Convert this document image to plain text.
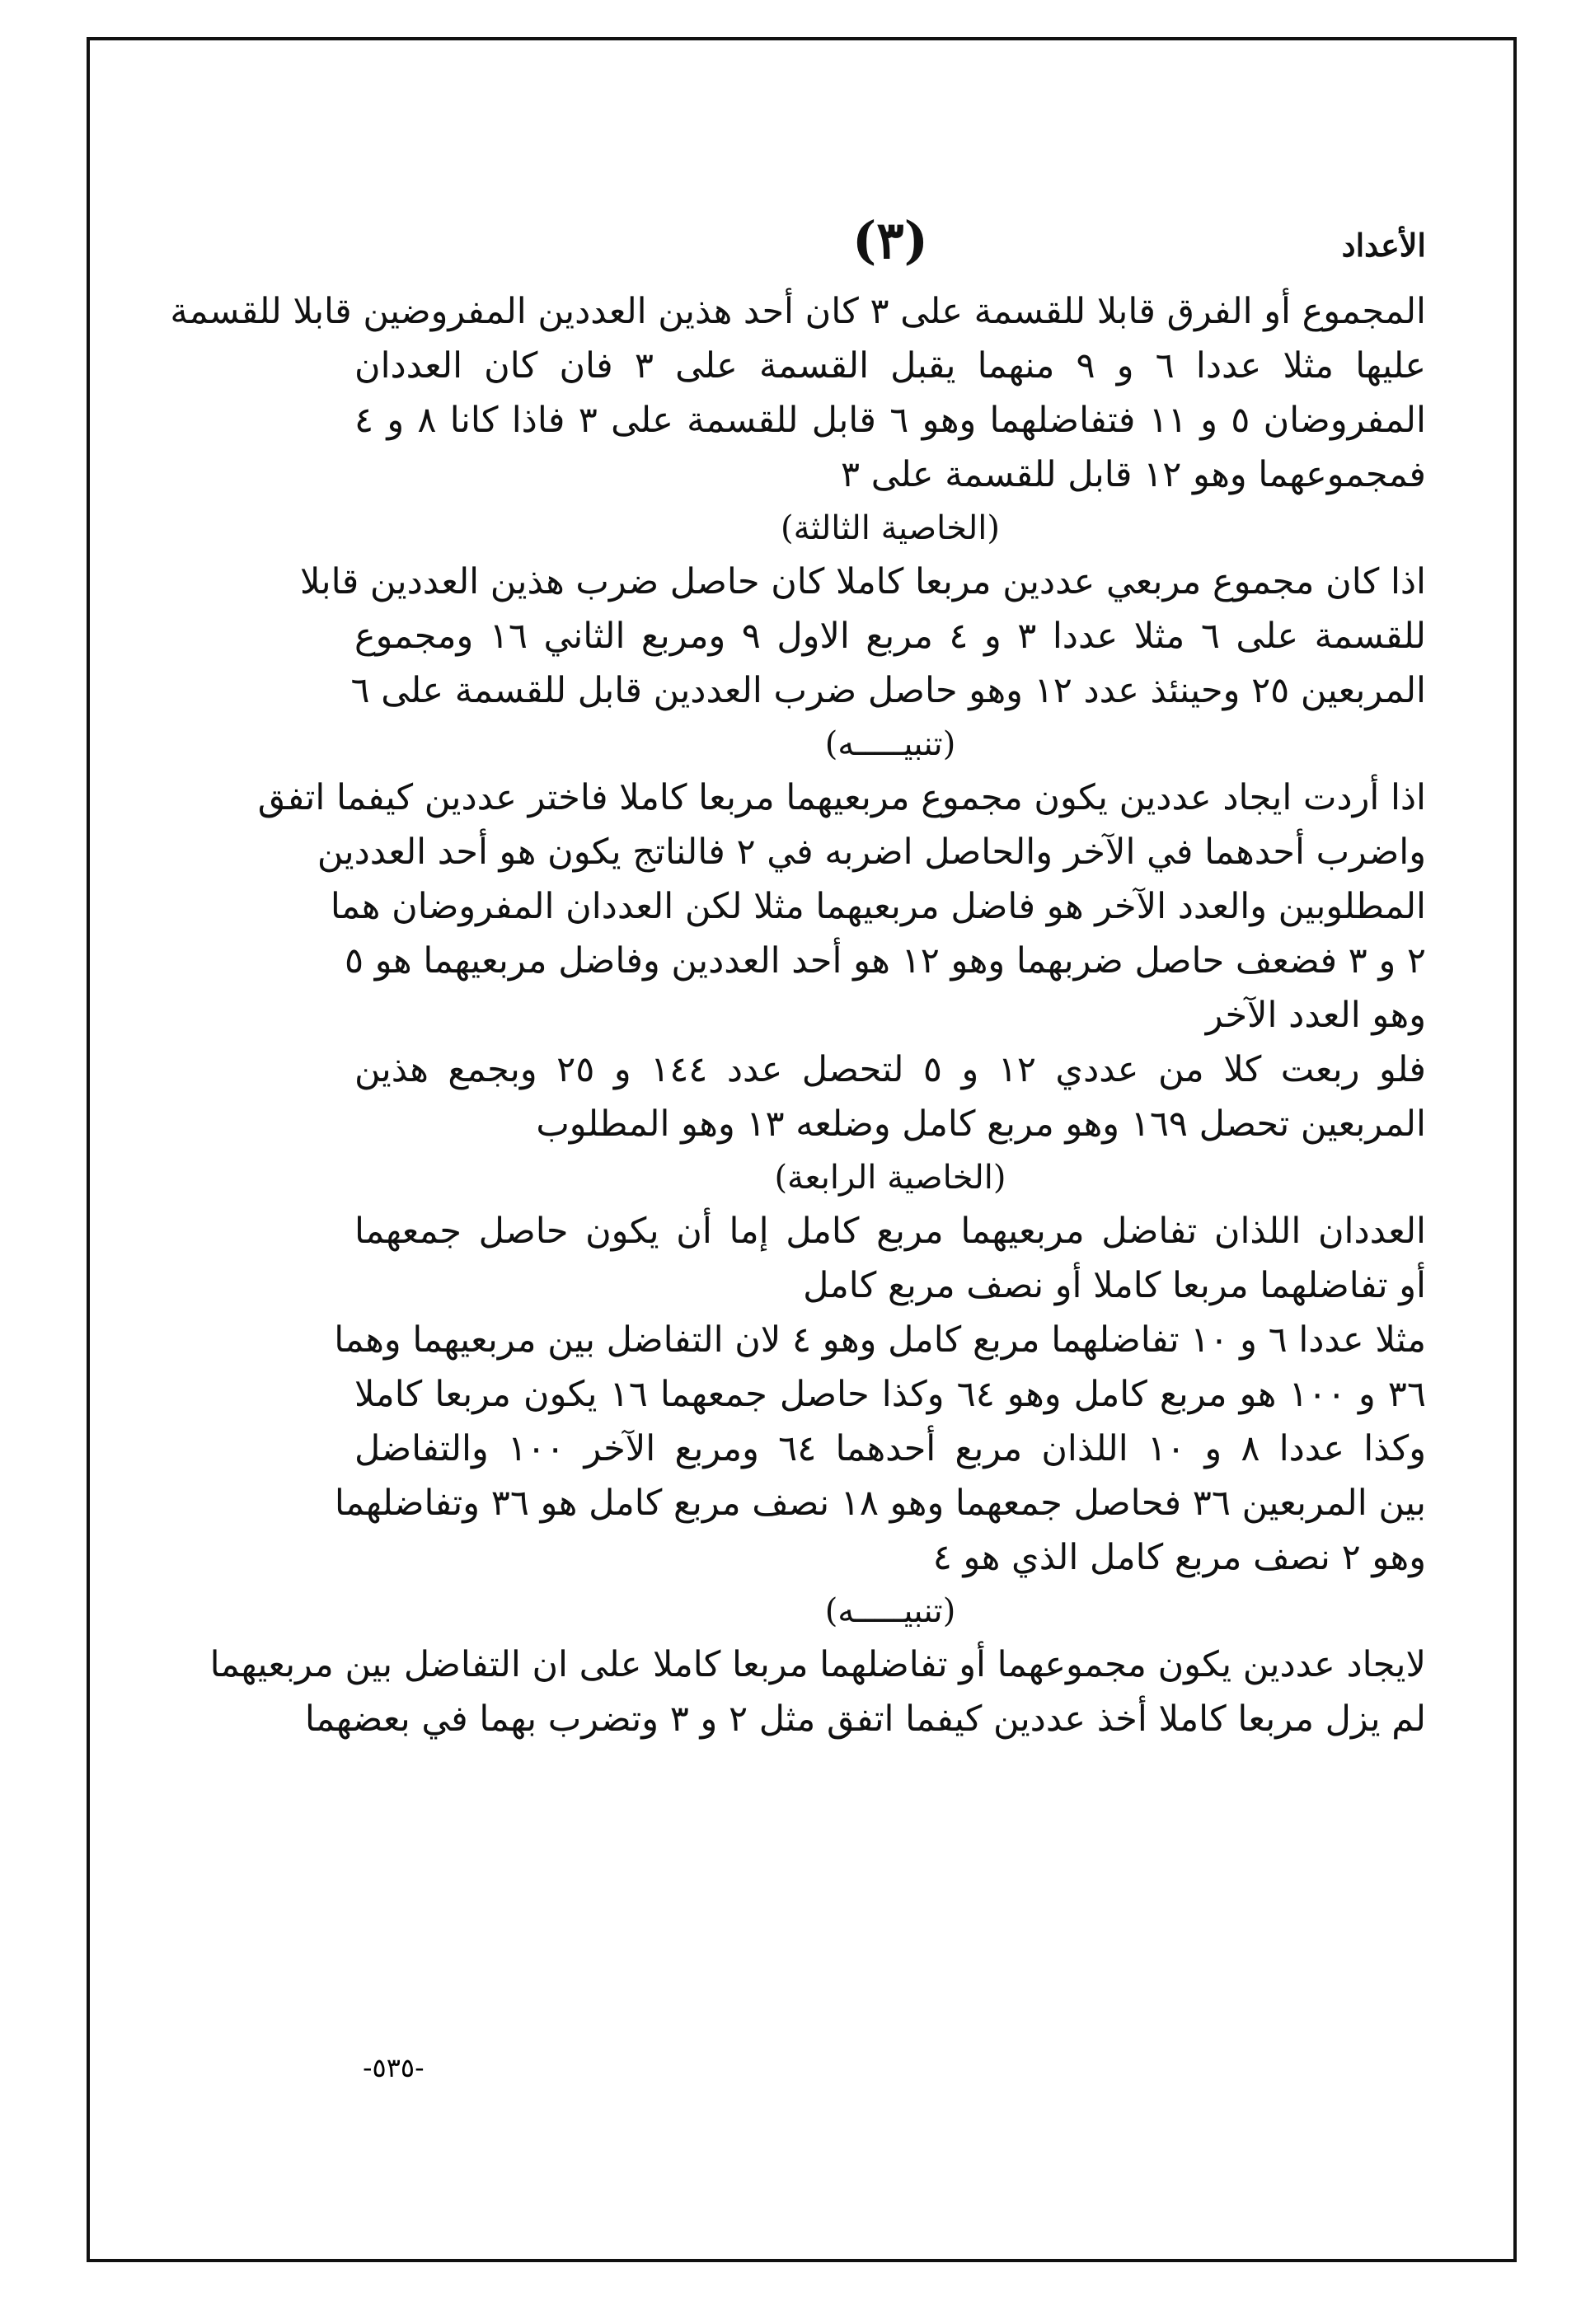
الأعداد
(٣)
المجموع أو الفرق قابلا للقسمة على ٣ كان أحد هذين العددين المفروضين قابلا للقسمة
عليها مثلا عددا ٦ و ٩ منهما يقبل القسمة على ٣ فان كان العددان
المفروضان ٥ و ١١ فتفاضلهما وهو ٦ قابل للقسمة على ٣ فاذا كانا ٨ و ٤
فمجموعهما وهو ١٢ قابل للقسمة على ٣
(الخاصية الثالثة)
اذا كان مجموع مربعي عددين مربعا كاملا كان حاصل ضرب هذين العددين قابلا
للقسمة على ٦ مثلا عددا ٣ و ٤ مربع الاول ٩ ومربع الثاني ١٦ ومجموع
المربعين ٢٥ وحينئذ عدد ١٢ وهو حاصل ضرب العددين قابل للقسمة على ٦
(تنبيـــــه)
اذا أردت ايجاد عددين يكون مجموع مربعيهما مربعا كاملا فاختر عددين كيفما اتفق
واضرب أحدهما في الآخر والحاصل اضربه في ٢ فالناتج يكون هو أحد العددين
المطلوبين والعدد الآخر هو فاضل مربعيهما مثلا لكن العددان المفروضان هما
٢ و ٣ فضعف حاصل ضربهما وهو ١٢ هو أحد العددين وفاضل مربعيهما هو ٥
وهو العدد الآخر
فلو ربعت كلا من عددي ١٢ و ٥ لتحصل عدد ١٤٤ و ٢٥ وبجمع هذين
المربعين تحصل ١٦٩ وهو مربع كامل وضلعه ١٣ وهو المطلوب
(الخاصية الرابعة)
العددان اللذان تفاضل مربعيهما مربع كامل إما أن يكون حاصل جمعهما
أو تفاضلهما مربعا كاملا أو نصف مربع كامل
مثلا عددا ٦ و ١٠ تفاضلهما مربع كامل وهو ٤ لان التفاضل بين مربعيهما وهما
٣٦ و ١٠٠ هو مربع كامل وهو ٦٤ وكذا حاصل جمعهما ١٦ يكون مربعا كاملا
وكذا عددا ٨ و ١٠ اللذان مربع أحدهما ٦٤ ومربع الآخر ١٠٠ والتفاضل
بين المربعين ٣٦ فحاصل جمعهما وهو ١٨ نصف مربع كامل هو ٣٦ وتفاضلهما
وهو ٢ نصف مربع كامل الذي هو ٤
(تنبيـــــه)
لايجاد عددين يكون مجموعهما أو تفاضلهما مربعا كاملا على ان التفاضل بين مربعيهما
لم يزل مربعا كاملا أخذ عددين كيفما اتفق مثل ٢ و ٣ وتضرب بهما في بعضهما
-٥٣٥-
